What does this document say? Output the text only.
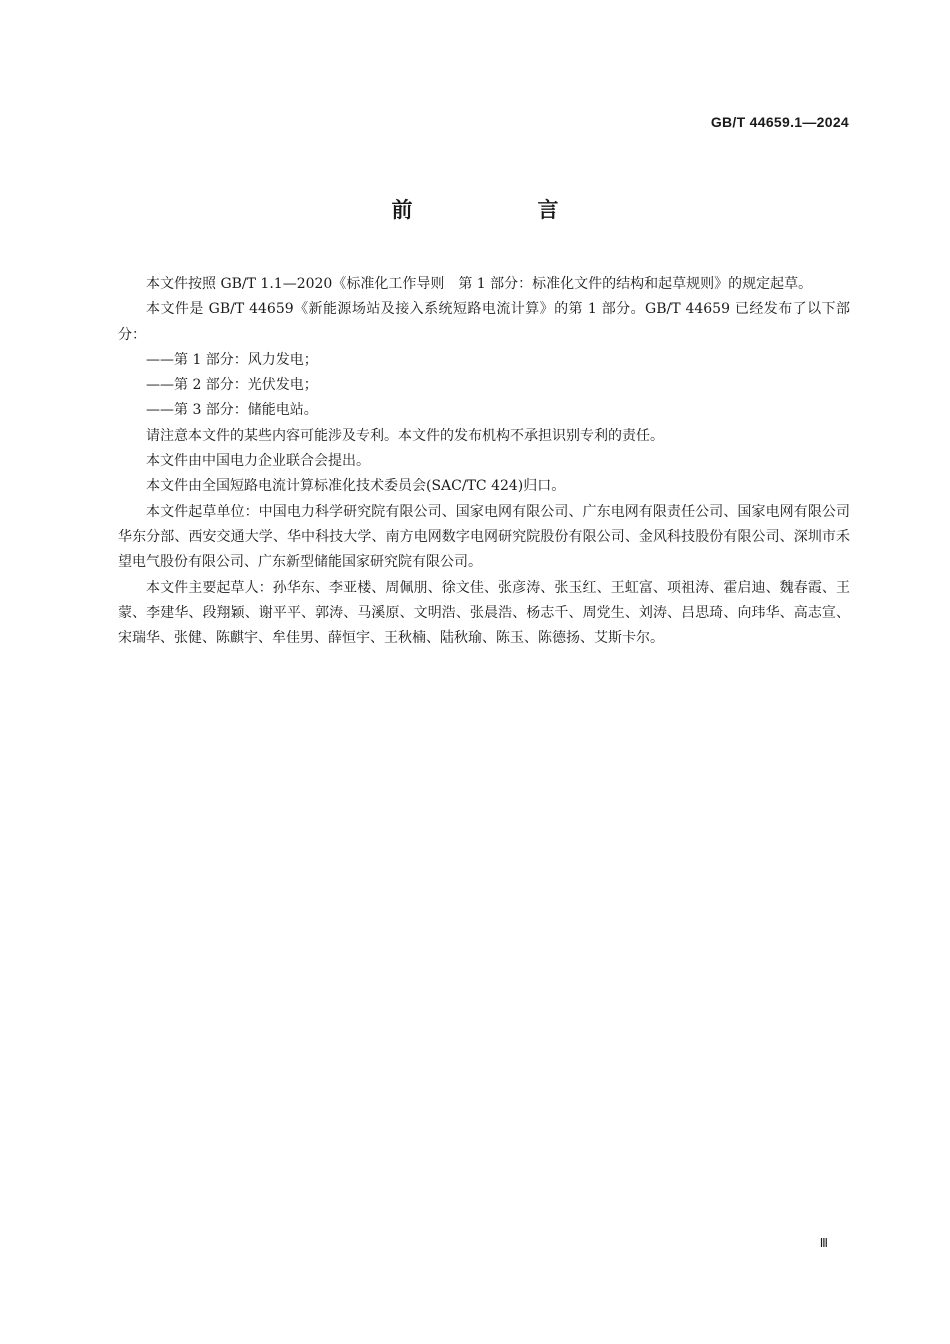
GB/T 44659.1—2024
前　言

本文件按照 GB/T 1.1—2020《标准化工作导则　第 1 部分：标准化文件的结构和起草规则》的规定起草。

本文件是 GB/T 44659《新能源场站及接入系统短路电流计算》的第 1 部分。GB/T 44659 已经发布了以下部分：

——第 1 部分：风力发电；

——第 2 部分：光伏发电；

——第 3 部分：储能电站。

请注意本文件的某些内容可能涉及专利。本文件的发布机构不承担识别专利的责任。

本文件由中国电力企业联合会提出。

本文件由全国短路电流计算标准化技术委员会(SAC/TC 424)归口。

本文件起草单位：中国电力科学研究院有限公司、国家电网有限公司、广东电网有限责任公司、国家电网有限公司华东分部、西安交通大学、华中科技大学、南方电网数字电网研究院股份有限公司、金风科技股份有限公司、深圳市禾望电气股份有限公司、广东新型储能国家研究院有限公司。

本文件主要起草人：孙华东、李亚楼、周佩朋、徐文佳、张彦涛、张玉红、王虹富、项祖涛、霍启迪、魏春霞、王蒙、李建华、段翔颖、谢平平、郭涛、马溪原、文明浩、张晨浩、杨志千、周党生、刘涛、吕思琦、向玮华、高志宣、宋瑞华、张健、陈麒宇、牟佳男、薛恒宇、王秋楠、陆秋瑜、陈玉、陈德扬、艾斯卡尔。

Ⅲ
